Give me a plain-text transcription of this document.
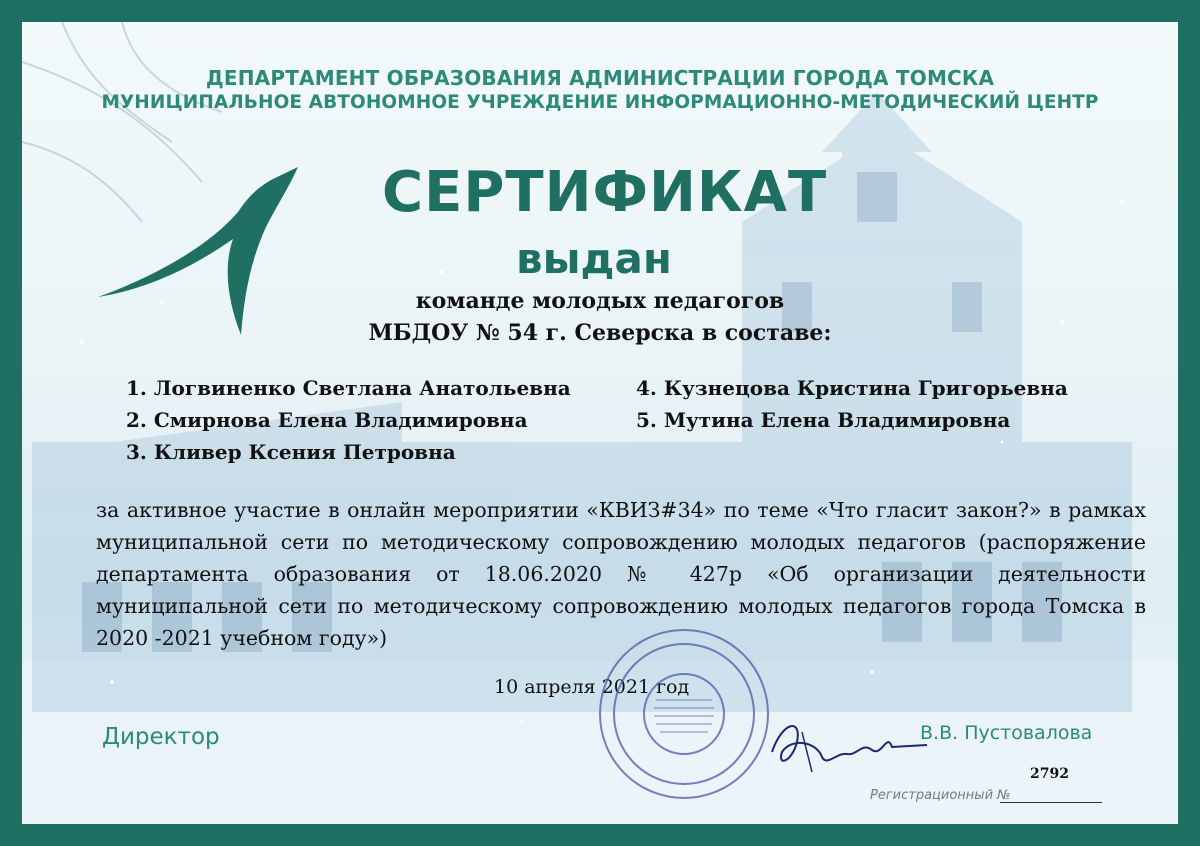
ДЕПАРТАМЕНТ ОБРАЗОВАНИЯ АДМИНИСТРАЦИИ ГОРОДА ТОМСКА
МУНИЦИПАЛЬНОЕ АВТОНОМНОЕ УЧРЕЖДЕНИЕ ИНФОРМАЦИОННО-МЕТОДИЧЕСКИЙ ЦЕНТР
СЕРТИФИКАТ
выдан
команде молодых педагогов
МБДОУ № 54 г. Северска в составе:
1. Логвиненко Светлана Анатольевна
2. Смирнова Елена Владимировна
3. Кливер Ксения Петровна
4. Кузнецова Кристина Григорьевна
5. Мутина Елена Владимировна
за активное участие в онлайн мероприятии «КВИЗ#34» по теме «Что гласит закон?» в рамках муниципальной сети по методическому сопровождению молодых педагогов (распоряжение департамента образования от 18.06.2020 № 427р «Об организации деятельности муниципальной сети по методическому сопровождению молодых педагогов города Томска в 2020 -2021 учебном году»)
10 апреля 2021 год
Директор	В.В. Пустовалова
Регистрационный №
2792
